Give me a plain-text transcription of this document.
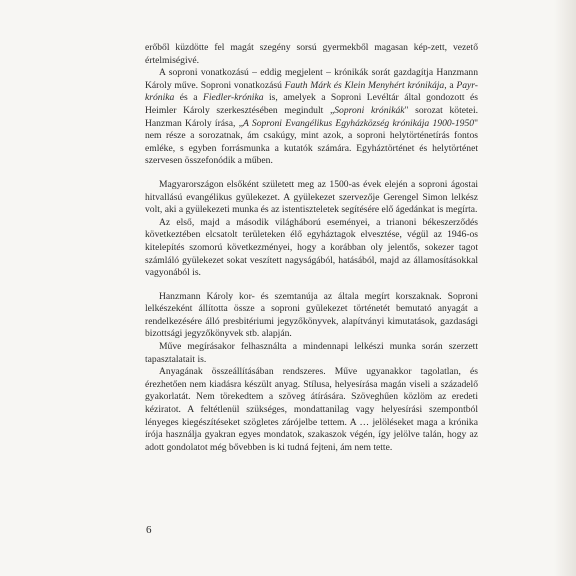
erőből küzdötte fel magát szegény sorsú gyermekből magasan kép-zett, vezető értelmiségivé.

A soproni vonatkozású – eddig megjelent – krónikák sorát gazdagítja Hanzmann Károly műve. Soproni vonatkozású Fauth Márk és Klein Menyhért krónikája, a Payr-krónika és a Fiedler-krónika is, amelyek a Soproni Levéltár által gondozott és Heimler Károly szerkesztésében megindult „Soproni krónikák" sorozat kötetei. Hanzman Károly írása, „A Soproni Evangélikus Egyházközség krónikája 1900-1950" nem része a sorozatnak, ám csakúgy, mint azok, a soproni helytörténetírás fontos emléke, s egyben forrásmunka a kutatók számára. Egyháztörténet és helytörténet szervesen összefonódik a műben.

Magyarországon elsőként született meg az 1500-as évek elején a soproni ágostai hitvallású evangélikus gyülekezet. A gyülekezet szervezője Gerengel Simon lelkész volt, aki a gyülekezeti munka és az istentiszteletek segítésére elő ágedánkat is megírta.

Az első, majd a második világháború eseményei, a trianoni békeszerződés következtében elcsatolt területeken élő egyháztagok elvesztése, végül az 1946-os kitelepítés szomorú következményei, hogy a korábban oly jelentős, sokezer tagot számláló gyülekezet sokat veszített nagyságából, hatásából, majd az államosításokkal vagyonából is.

Hanzmann Károly kor- és szemtanúja az általa megírt korszaknak. Soproni lelkészeként állította össze a soproni gyülekezet történetét bemutató anyagát a rendelkezésére álló presbitériumi jegyzőkönyvek, alapítványi kimutatások, gazdasági bizottsági jegyzőkönyvek stb. alapján.

Műve megírásakor felhasználta a mindennapi lelkészi munka során szerzett tapasztalatait is.

Anyagának összeállításában rendszeres. Műve ugyanakkor tagolatlan, és érezhetően nem kiadásra készült anyag. Stílusa, helyesírása magán viseli a századelő gyakorlatát. Nem törekedtem a szöveg átírására. Szöveghűen közlöm az eredeti kéziratot. A feltétlenül szükséges, mondattanilag vagy helyesírási szempontból lényeges kiegészítéseket szögletes zárójelbe tettem. A … jelöléseket maga a krónika írója használja gyakran egyes mondatok, szakaszok végén, így jelölve talán, hogy az adott gondolatot még bővebben is ki tudná fejteni, ám nem tette.

6
